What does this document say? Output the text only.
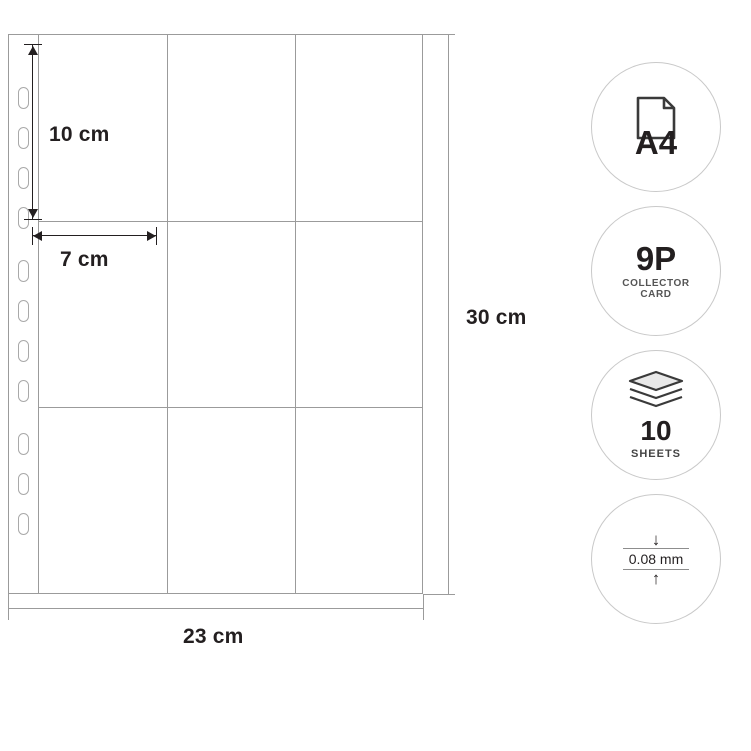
10 cm
7 cm
30 cm
23 cm
A4
9P
COLLECTOR
CARD
10
SHEETS
↓
0.08 mm
↑
